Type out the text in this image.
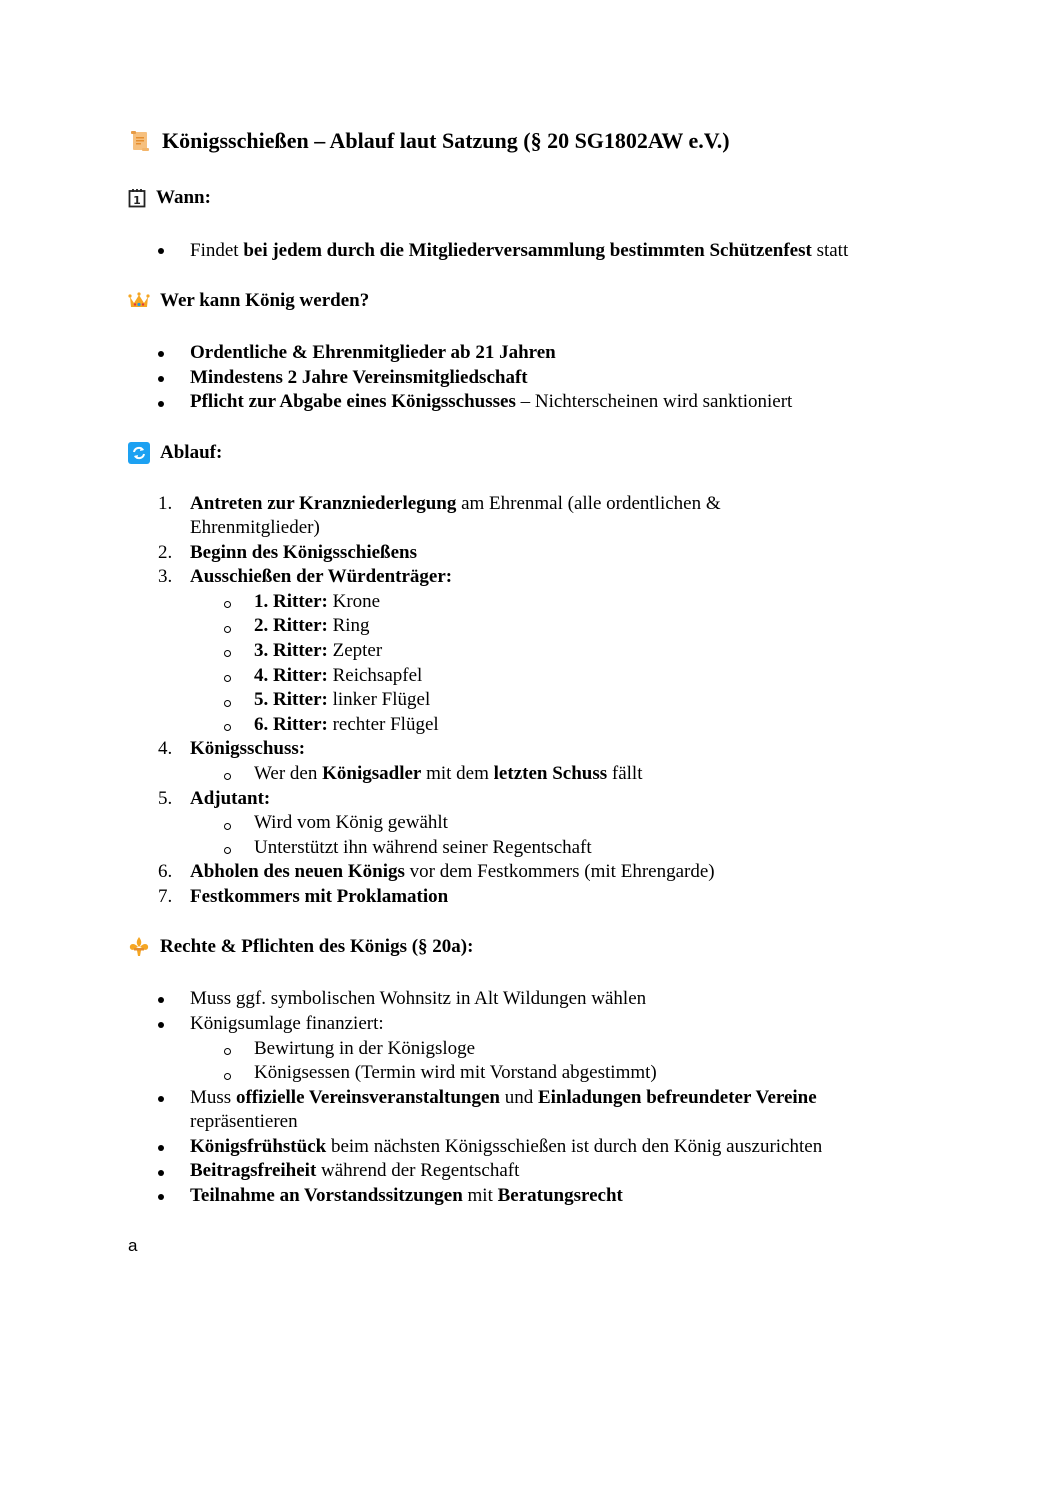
Königsschießen – Ablauf laut Satzung (§ 20 SG1802AW e.V.)
1 Wann:
Findet bei jedem durch die Mitgliederversammlung bestimmten Schützenfest statt
Wer kann König werden?
Ordentliche & Ehrenmitglieder ab 21 Jahren
Mindestens 2 Jahre Vereinsmitgliedschaft
Pflicht zur Abgabe eines Königsschusses – Nichterscheinen wird sanktioniert
Ablauf:
1. Antreten zur Kranzniederlegung am Ehrenmal (alle ordentlichen &
Ehrenmitglieder)
2. Beginn des Königsschießens
3. Ausschießen der Würdenträger:
1. Ritter: Krone
2. Ritter: Ring
3. Ritter: Zepter
4. Ritter: Reichsapfel
5. Ritter: linker Flügel
6. Ritter: rechter Flügel
4. Königsschuss:
Wer den Königsadler mit dem letzten Schuss fällt
5. Adjutant:
Wird vom König gewählt
Unterstützt ihn während seiner Regentschaft
6. Abholen des neuen Königs vor dem Festkommers (mit Ehrengarde)
7. Festkommers mit Proklamation
Rechte & Pflichten des Königs (§ 20a):
Muss ggf. symbolischen Wohnsitz in Alt Wildungen wählen
Königsumlage finanziert:
Bewirtung in der Königsloge
Königsessen (Termin wird mit Vorstand abgestimmt)
Muss offizielle Vereinsveranstaltungen und Einladungen befreundeter Vereine
repräsentieren
Königsfrühstück beim nächsten Königsschießen ist durch den König auszurichten
Beitragsfreiheit während der Regentschaft
Teilnahme an Vorstandssitzungen mit Beratungsrecht
a
